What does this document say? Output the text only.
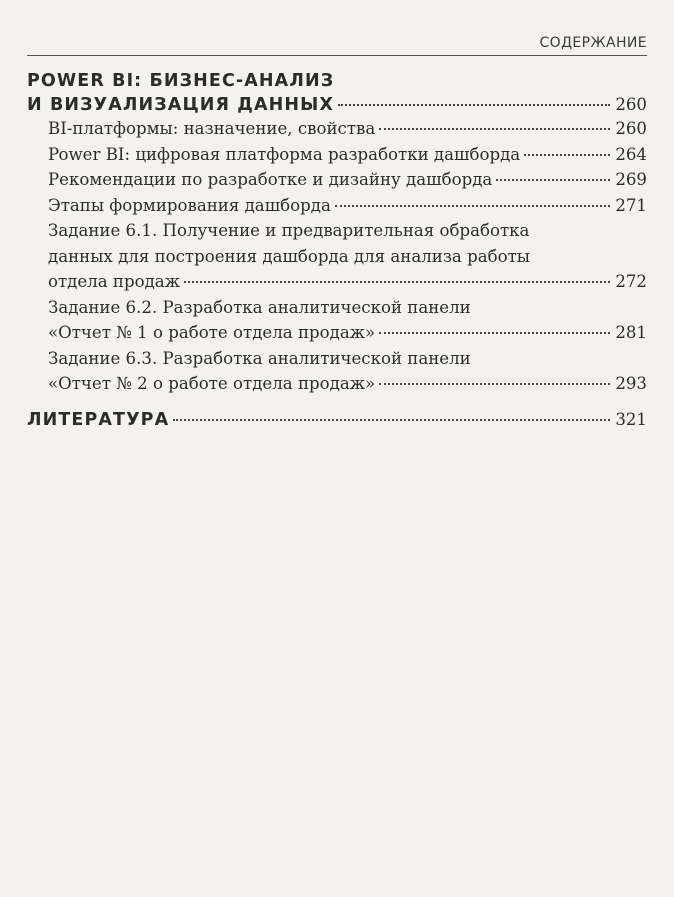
СОДЕРЖАНИЕ
POWER BI: БИЗНЕС-АНАЛИЗ
И ВИЗУАЛИЗАЦИЯ ДАННЫХ	260
BI-платформы: назначение, свойства	260
Power BI: цифровая платформа разработки дашборда	264
Рекомендации по разработке и дизайну дашборда	269
Этапы формирования дашборда	271
Задание 6.1. Получение и предварительная обработка
данных для построения дашборда для анализа работы
отдела продаж	272
Задание 6.2. Разработка аналитической панели
«Отчет № 1 о работе отдела продаж»	281
Задание 6.3. Разработка аналитической панели
«Отчет № 2 о работе отдела продаж»	293
ЛИТЕРАТУРА	321
